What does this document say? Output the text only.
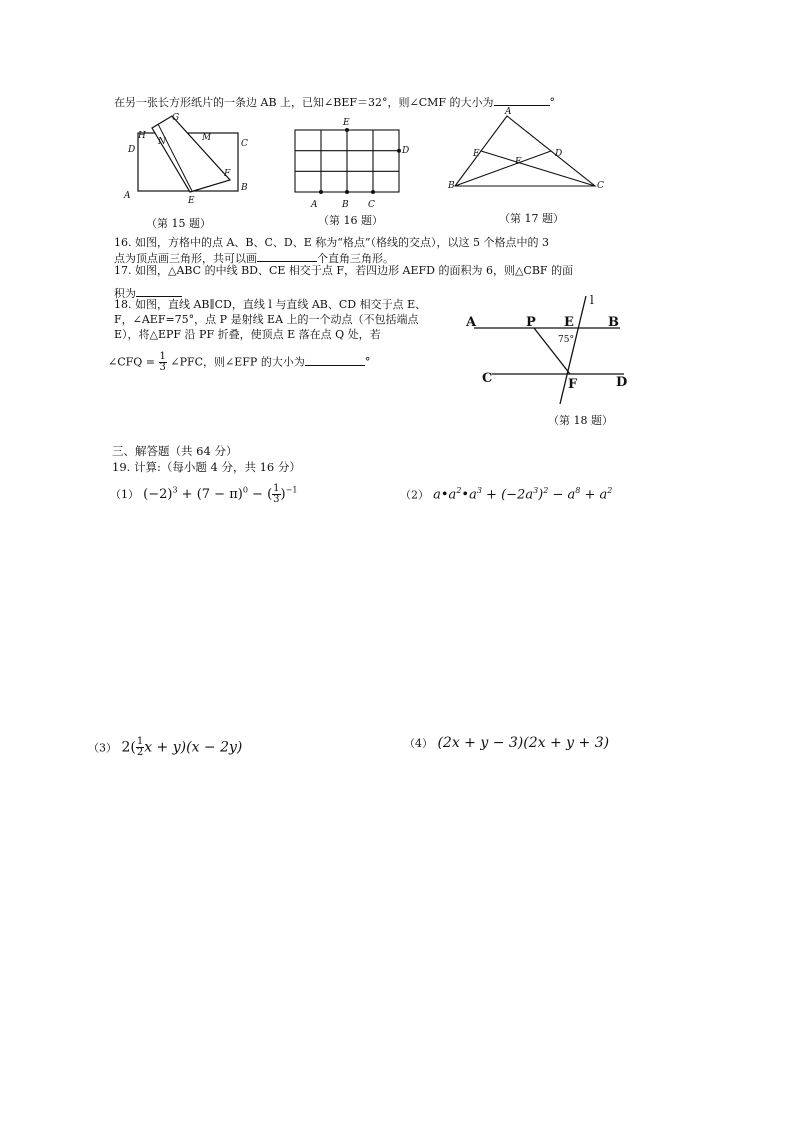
在另一张长方形纸片的一条边 AB 上，已知∠BEF＝32°，则∠CMF 的大小为	°
H
N
G
M
D
C
F
A	E
B
（第 15 题）
E
D
A	B C
（第 16 题）
A
E	D
F
B	C
（第 17 题）
16. 如图，方格中的点 A、B、C、D、E 称为“格点”（格线的交点），以这 5 个格点中的 3
点为顶点画三角形，共可以画	个直角三角形。
17. 如图，△ABC 的中线 BD、CE 相交于点 F，若四边形 AEFD 的面积为 6，则△CBF 的面
积为
18. 如图，直线 AB∥CD，直线 l 与直线 AB、CD 相交于点 E、
F，∠AEF=75°，点 P 是射线 EA 上的一个动点（不包括端点
E），将△EPF 沿 PF 折叠，使顶点 E 落在点 Q 处，若
∠CFQ = $\frac{1}{3}$ ∠PFC，则∠EFP 的大小为	°
l
A	P E	B
75°
C	F	D
（第 18 题）
三、解答题（共 64 分）
19. 计算:（每小题 4 分，共 16 分）
（1） $(-2)^3 + (7 - \pi)^0$ − ( $\frac{1}{3} )^{-1}$	（2） $a•a^2•a^3 + (-2a^3)^2 - a^8 + a^2$
（3） $2( \frac{1}{2}$ x + y)(x − 2y)	（4） (2x + y − 3)(2x + y + 3)
